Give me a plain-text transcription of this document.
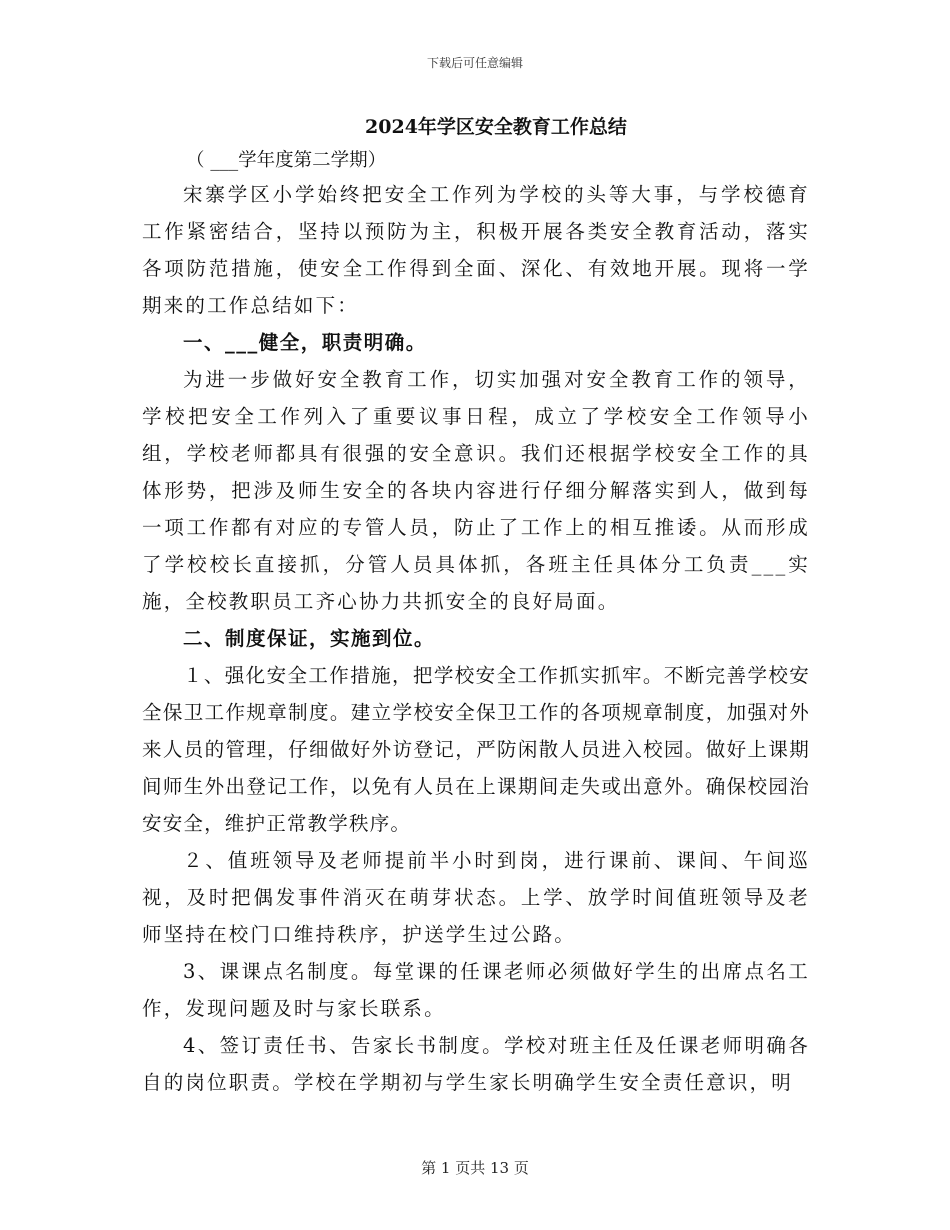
下载后可任意编辑

2024年学区安全教育工作总结

（ ___学年度第二学期）

宋寨学区小学始终把安全工作列为学校的头等大事，与学校德育工作紧密结合，坚持以预防为主，积极开展各类安全教育活动，落实各项防范措施，使安全工作得到全面、深化、有效地开展。现将一学期来的工作总结如下：

一、___健全，职责明确。

为进一步做好安全教育工作，切实加强对安全教育工作的领导，学校把安全工作列入了重要议事日程，成立了学校安全工作领导小组，学校老师都具有很强的安全意识。我们还根据学校安全工作的具体形势，把涉及师生安全的各块内容进行仔细分解落实到人，做到每一项工作都有对应的专管人员，防止了工作上的相互推诿。从而形成了学校校长直接抓，分管人员具体抓，各班主任具体分工负责___实施，全校教职员工齐心协力共抓安全的良好局面。

二、制度保证，实施到位。

１、强化安全工作措施，把学校安全工作抓实抓牢。不断完善学校安全保卫工作规章制度。建立学校安全保卫工作的各项规章制度，加强对外来人员的管理，仔细做好外访登记，严防闲散人员进入校园。做好上课期间师生外出登记工作，以免有人员在上课期间走失或出意外。确保校园治安安全，维护正常教学秩序。

２、值班领导及老师提前半小时到岗，进行课前、课间、午间巡视，及时把偶发事件消灭在萌芽状态。上学、放学时间值班领导及老师坚持在校门口维持秩序，护送学生过公路。

3、课课点名制度。每堂课的任课老师必须做好学生的出席点名工作，发现问题及时与家长联系。

4、签订责任书、告家长书制度。学校对班主任及任课老师明确各自的岗位职责。学校在学期初与学生家长明确学生安全责任意识，明

第 1 页共 13 页
